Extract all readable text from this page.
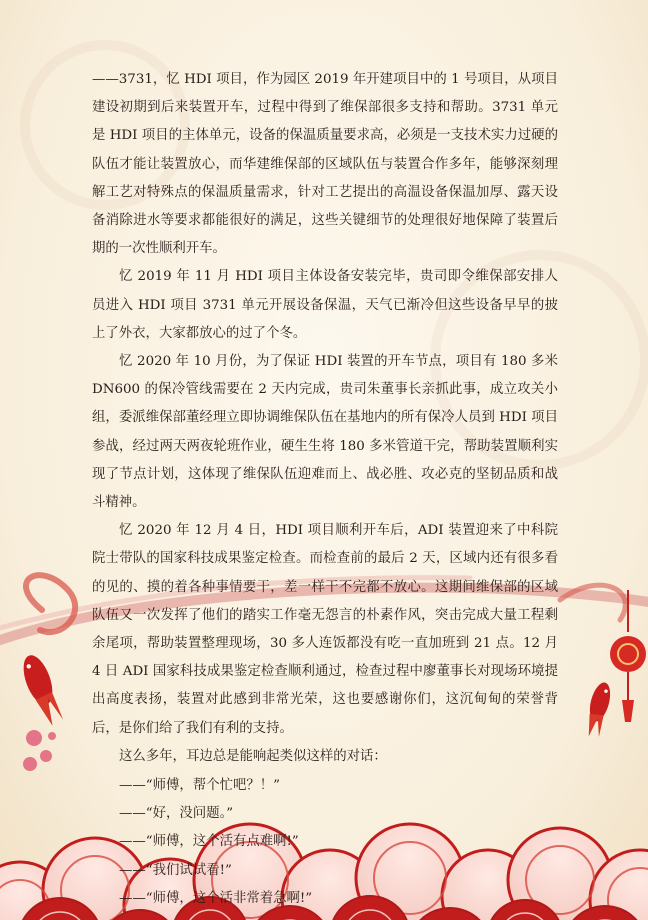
——3731，忆 HDI 项目，作为园区 2019 年开建项目中的 1 号项目，从项目建设初期到后来装置开车，过程中得到了维保部很多支持和帮助。3731 单元是 HDI 项目的主体单元，设备的保温质量要求高，必须是一支技术实力过硬的队伍才能让装置放心，而华建维保部的区域队伍与装置合作多年，能够深刻理解工艺对特殊点的保温质量需求，针对工艺提出的高温设备保温加厚、露天设备消除进水等要求都能很好的满足，这些关键细节的处理很好地保障了装置后期的一次性顺利开车。

忆 2019 年 11 月 HDI 项目主体设备安装完毕，贵司即令维保部安排人员进入 HDI 项目 3731 单元开展设备保温，天气已渐冷但这些设备早早的披上了外衣，大家都放心的过了个冬。

忆 2020 年 10 月份，为了保证 HDI 装置的开车节点，项目有 180 多米 DN600 的保冷管线需要在 2 天内完成，贵司朱董事长亲抓此事，成立攻关小组，委派维保部董经理立即协调维保队伍在基地内的所有保冷人员到 HDI 项目参战，经过两天两夜轮班作业，硬生生将 180 多米管道干完，帮助装置顺利实现了节点计划，这体现了维保队伍迎难而上、战必胜、攻必克的坚韧品质和战斗精神。

忆 2020 年 12 月 4 日，HDI 项目顺利开车后，ADI 装置迎来了中科院院士带队的国家科技成果鉴定检查。而检查前的最后 2 天，区域内还有很多看的见的、摸的着各种事情要干，差一样干不完都不放心。这期间维保部的区域队伍又一次发挥了他们的踏实工作毫无怨言的朴素作风，突击完成大量工程剩余尾项，帮助装置整理现场，30 多人连饭都没有吃一直加班到 21 点。12 月 4 日 ADI 国家科技成果鉴定检查顺利通过，检查过程中廖董事长对现场环境提出高度表扬，装置对此感到非常光荣，这也要感谢你们，这沉甸甸的荣誉背后，是你们给了我们有利的支持。

这么多年，耳边总是能响起类似这样的对话：

——“师傅，帮个忙吧？！”
——“好，没问题。”
——“师傅，这个活有点难啊!”
——“我们试试看!”
——“师傅，这个活非常着急啊!”
